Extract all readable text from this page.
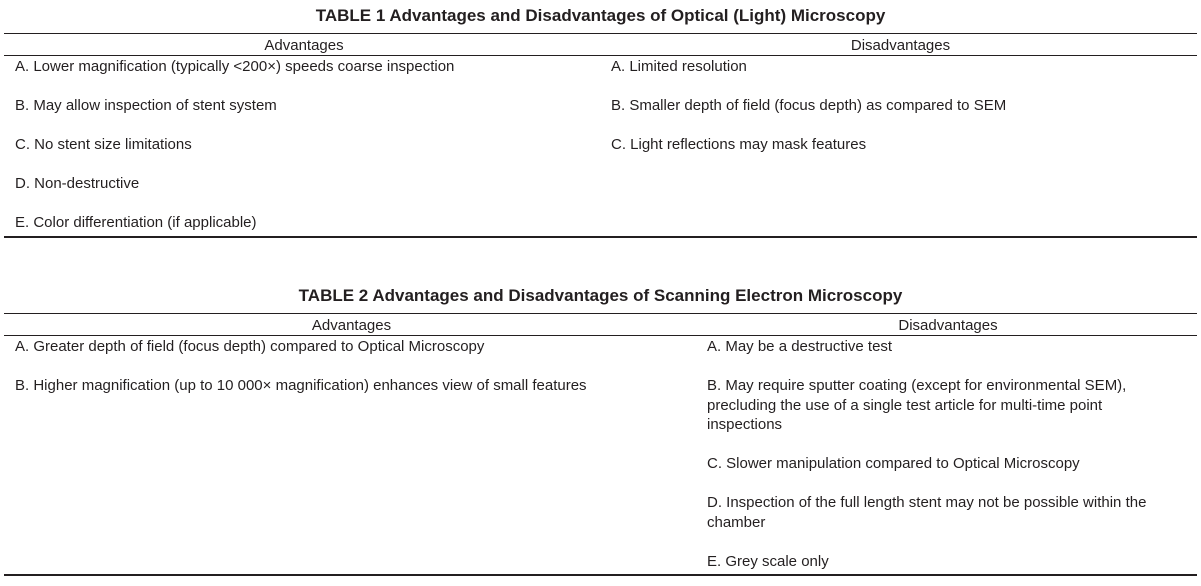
TABLE 1 Advantages and Disadvantages of Optical (Light) Microscopy
Advantages	Disadvantages
A. Lower magnification (typically <200×) speeds coarse inspection
B. May allow inspection of stent system
C. No stent size limitations
D. Non-destructive
E. Color differentiation (if applicable)
A. Limited resolution
B. Smaller depth of field (focus depth) as compared to SEM
C. Light reflections may mask features
TABLE 2 Advantages and Disadvantages of Scanning Electron Microscopy
Advantages	Disadvantages
A. Greater depth of field (focus depth) compared to Optical Microscopy
B. Higher magnification (up to 10 000× magnification) enhances view of small features
A. May be a destructive test
B. May require sputter coating (except for environmental SEM), precluding the use of a single test article for multi-time point inspections
C. Slower manipulation compared to Optical Microscopy
D. Inspection of the full length stent may not be possible within the chamber
E. Grey scale only
